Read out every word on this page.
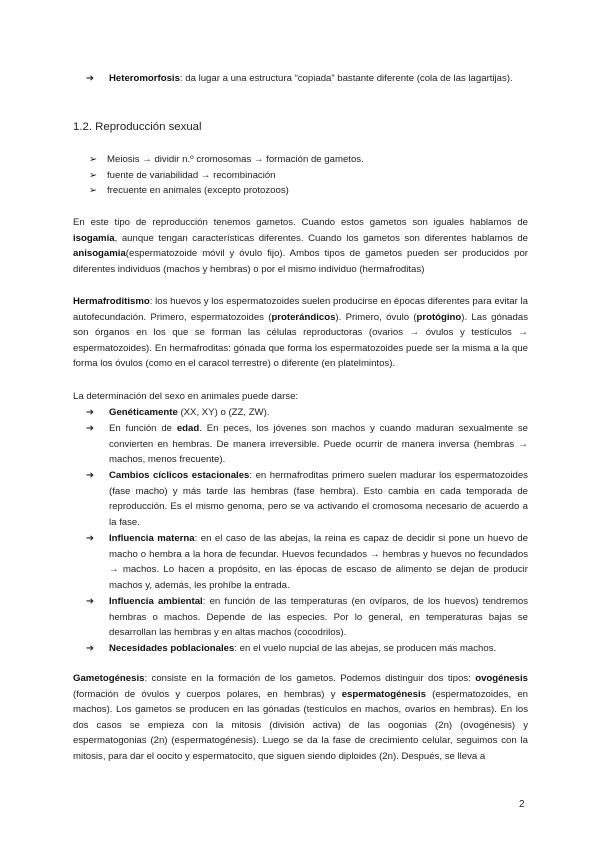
➔	Heteromorfosis: da lugar a una estructura “copiada” bastante diferente (cola de las lagartijas).
1.2. Reproducción sexual
➢ Meiosis → dividir n.º cromosomas → formación de gametos.
➢ fuente de variabilidad → recombinación
➢ frecuente en animales (excepto protozoos)

En este tipo de reproducción tenemos gametos. Cuando estos gametos son iguales hablamos de isogamia, aunque tengan características diferentes. Cuando los gametos son diferentes hablamos de anisogamia(espermatozoide móvil y óvulo fijo). Ambos tipos de gametos pueden ser producidos por diferentes individuos (machos y hembras) o por el mismo individuo (hermafroditas)

Hermafroditismo: los huevos y los espermatozoides suelen producirse en épocas diferentes para evitar la autofecundación. Primero, espermatozoides (proterándicos). Primero, óvulo (protógino). Las gónadas son órganos en los que se forman las células reproductoras (ovarios → óvulos y testículos → espermatozoides). En hermafroditas: gónada que forma los espermatozoides puede ser la misma a la que forma los óvulos (como en el caracol terrestre) o diferente (en platelmintos).

La determinación del sexo en animales puede darse:

➔	Genéticamente (XX, XY) o (ZZ, ZW).
➔	En función de edad. En peces, los jóvenes son machos y cuando maduran sexualmente se convierten en hembras. De manera irreversible. Puede ocurrir de manera inversa (hembras → machos, menos frecuente).
➔	Cambios cíclicos estacionales: en hermafroditas primero suelen madurar los espermatozoides (fase macho) y más tarde las hembras (fase hembra). Esto cambia en cada temporada de reproducción. Es el mismo genoma, pero se va activando el cromosoma necesario de acuerdo a la fase.
➔	Influencia materna: en el caso de las abejas, la reina es capaz de decidir si pone un huevo de macho o hembra a la hora de fecundar. Huevos fecundados → hembras y huevos no fecundados → machos. Lo hacen a propósito, en las épocas de escaso de alimento se dejan de producir machos y, además, les prohíbe la entrada.
➔	Influencia ambiental: en función de las temperaturas (en ovíparos, de los huevos) tendremos hembras o machos. Depende de las especies. Por lo general, en temperaturas bajas se desarrollan las hembras y en altas machos (cocodrilos).
➔	Necesidades poblacionales: en el vuelo nupcial de las abejas, se producen más machos.

Gametogénesis: consiste en la formación de los gametos. Podemos distinguir dos tipos: ovogénesis (formación de óvulos y cuerpos polares, en hembras) y espermatogénesis (espermatozoides, en machos). Los gametos se producen en las gónadas (testículos en machos, ovarios en hembras). En los dos casos se empieza con la mitosis (división activa) de las oogonias (2n) (ovogénesis) y espermatogonias (2n) (espermatogénesis). Luego se da la fase de crecimiento celular, seguimos con la mitosis, para dar el oocito y espermatocito, que siguen siendo diploides (2n). Después, se lleva a

2
